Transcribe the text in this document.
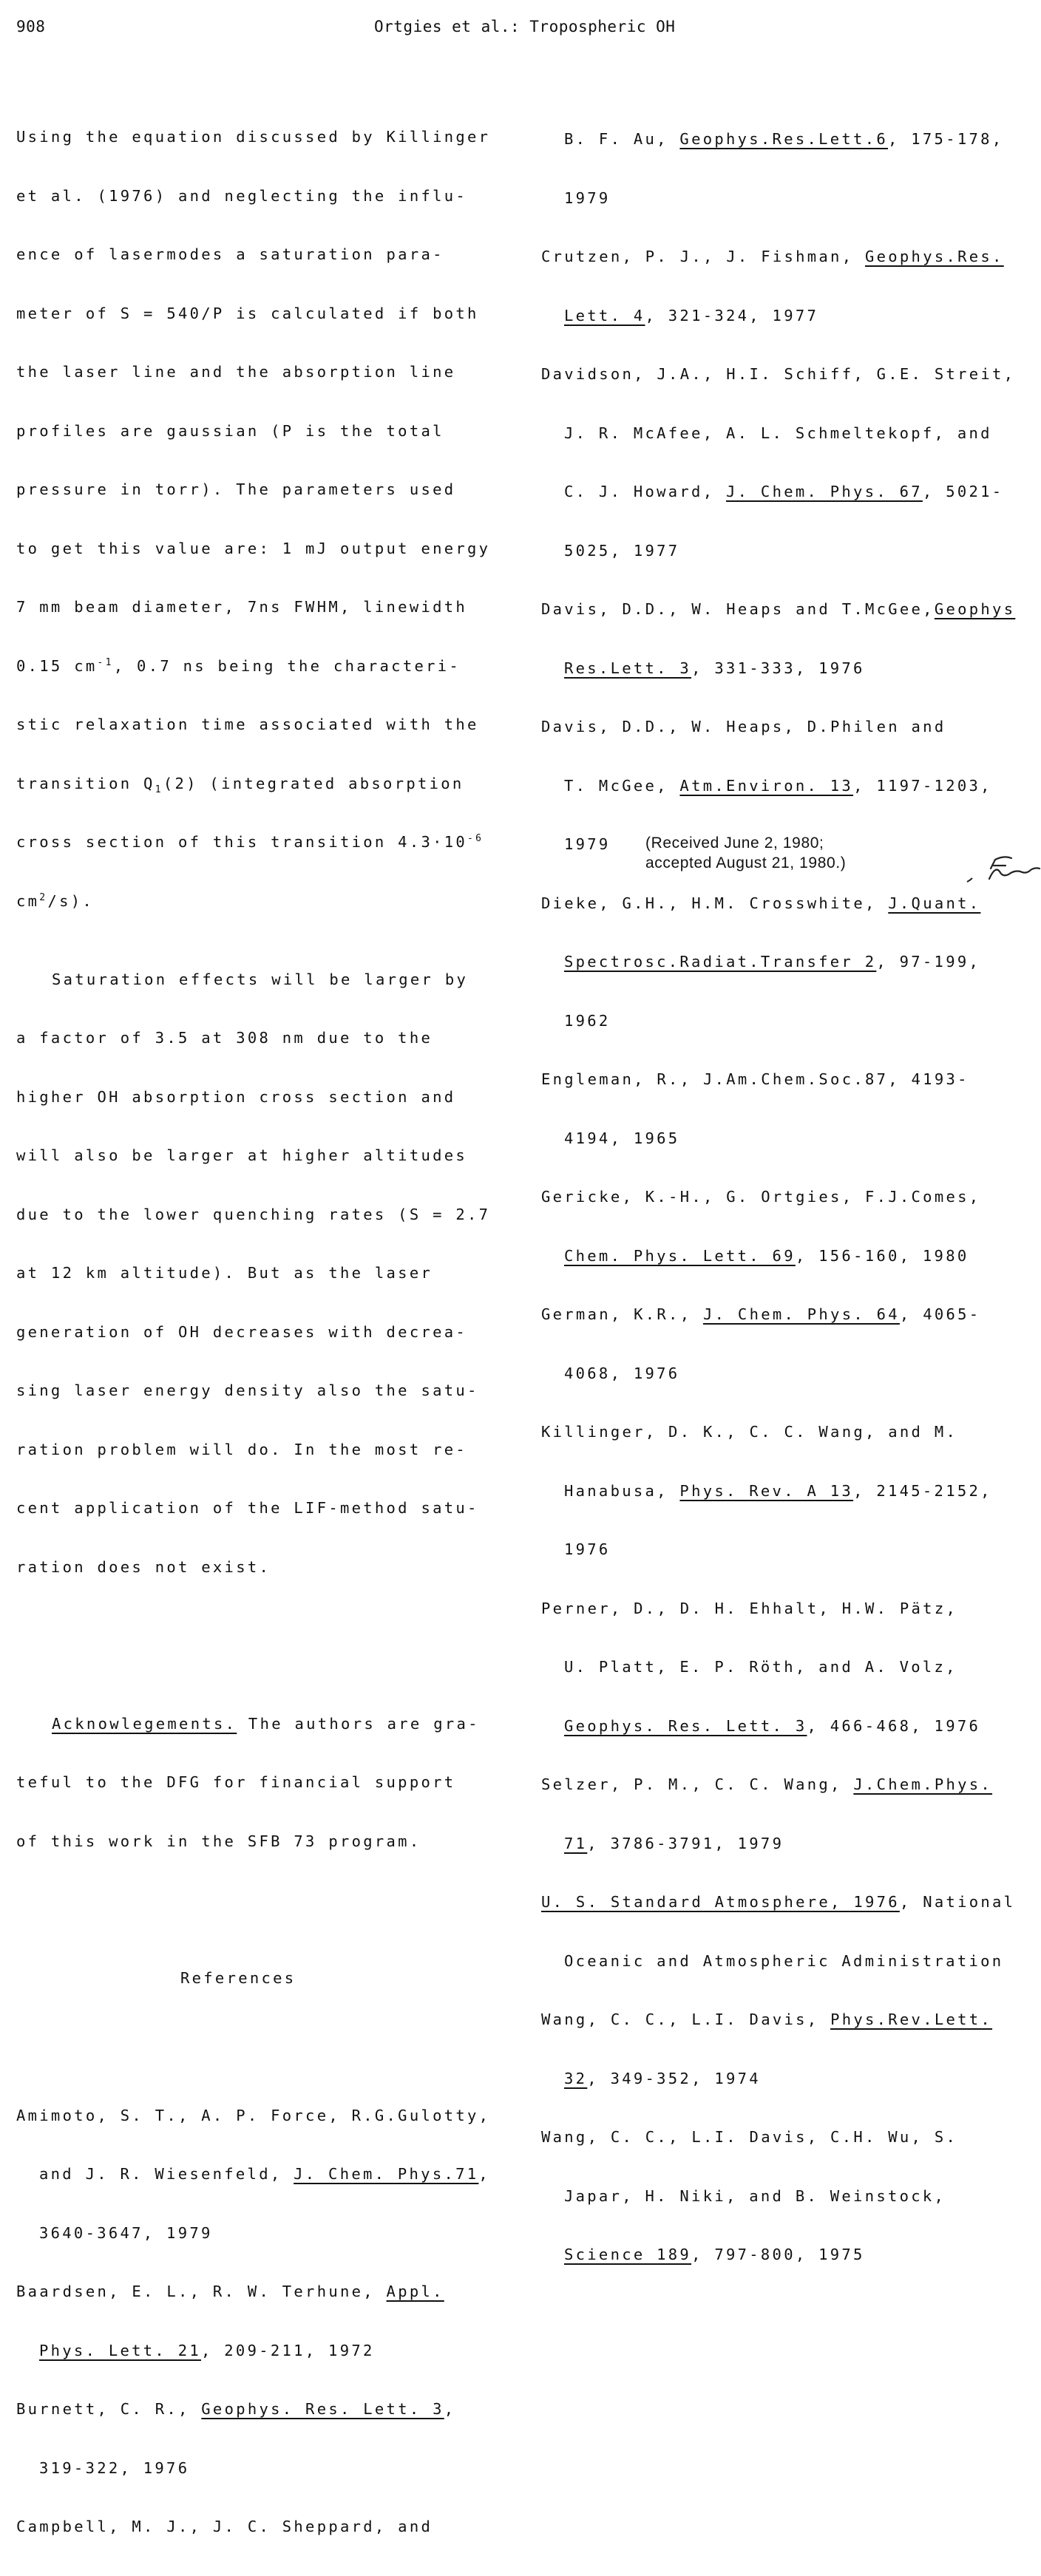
908	Ortgies et al.: Tropospheric OH

Using the equation discussed by Killinger

et al. (1976) and neglecting the influ-

ence of lasermodes a saturation para-

meter of S = 540/P is calculated if both

the laser line and the absorption line

profiles are gaussian (P is the total

pressure in torr). The parameters used

to get this value are: 1 mJ output energy

7 mm beam diameter, 7ns FWHM, linewidth

0.15 $cm^{-1}$, 0.7 ns being the characteri-

stic relaxation time associated with the

transition $Q_1(2)$ (integrated absorption

cross section of this transition $4.3\cdot 10^{-6}$

$cm^2/s$).

Saturation effects will be larger by

a factor of 3.5 at 308 nm due to the

higher OH absorption cross section and

will also be larger at higher altitudes

due to the lower quenching rates (S = 2.7

at 12 km altitude). But as the laser

generation of OH decreases with decrea-

sing laser energy density also the satu-

ration problem will do. In the most re-

cent application of the LIF-method satu-

ration does not exist.

Acknowlegements. The authors are gra-

teful to the DFG for financial support

of this work in the SFB 73 program.

References

Amimoto, S. T., A. P. Force, R.G.Gulotty,

and J. R. Wiesenfeld, J. Chem. Phys.71,

3640-3647, 1979

Baardsen, E. L., R. W. Terhune, Appl.

Phys. Lett. 21, 209-211, 1972

Burnett, C. R., Geophys. Res. Lett. 3,

319-322, 1976

Campbell, M. J., J. C. Sheppard, and

B. F. Au, Geophys.Res.Lett.6, 175-178,

1979

Crutzen, P. J., J. Fishman, Geophys.Res.

Lett. 4, 321-324, 1977

Davidson, J.A., H.I. Schiff, G.E. Streit,

J. R. McAfee, A. L. Schmeltekopf, and

C. J. Howard, J. Chem. Phys. 67, 5021-

5025, 1977

Davis, D.D., W. Heaps and T.McGee,Geophys

Res.Lett. 3, 331-333, 1976

Davis, D.D., W. Heaps, D.Philen and

T. McGee, Atm.Environ. 13, 1197-1203,

1979

Dieke, G.H., H.M. Crosswhite, J.Quant.

Spectrosc.Radiat.Transfer 2, 97-199,

1962

Engleman, R., J.Am.Chem.Soc.87, 4193-

4194, 1965

Gericke, K.-H., G. Ortgies, F.J.Comes,

Chem. Phys. Lett. 69, 156-160, 1980

German, K.R., J. Chem. Phys. 64, 4065-

4068, 1976

Killinger, D. K., C. C. Wang, and M.

Hanabusa, Phys. Rev. A 13, 2145-2152,

1976

Perner, D., D. H. Ehhalt, H.W. Pätz,

U. Platt, E. P. Röth, and A. Volz,

Geophys. Res. Lett. 3, 466-468, 1976

Selzer, P. M., C. C. Wang, J.Chem.Phys.

71, 3786-3791, 1979

U. S. Standard Atmosphere, 1976, National

Oceanic and Atmospheric Administration

Wang, C. C., L.I. Davis, Phys.Rev.Lett.

32, 349-352, 1974

Wang, C. C., L.I. Davis, C.H. Wu, S.

Japar, H. Niki, and B. Weinstock,

Science 189, 797-800, 1975

(Received June 2, 1980;
accepted August 21, 1980.)
